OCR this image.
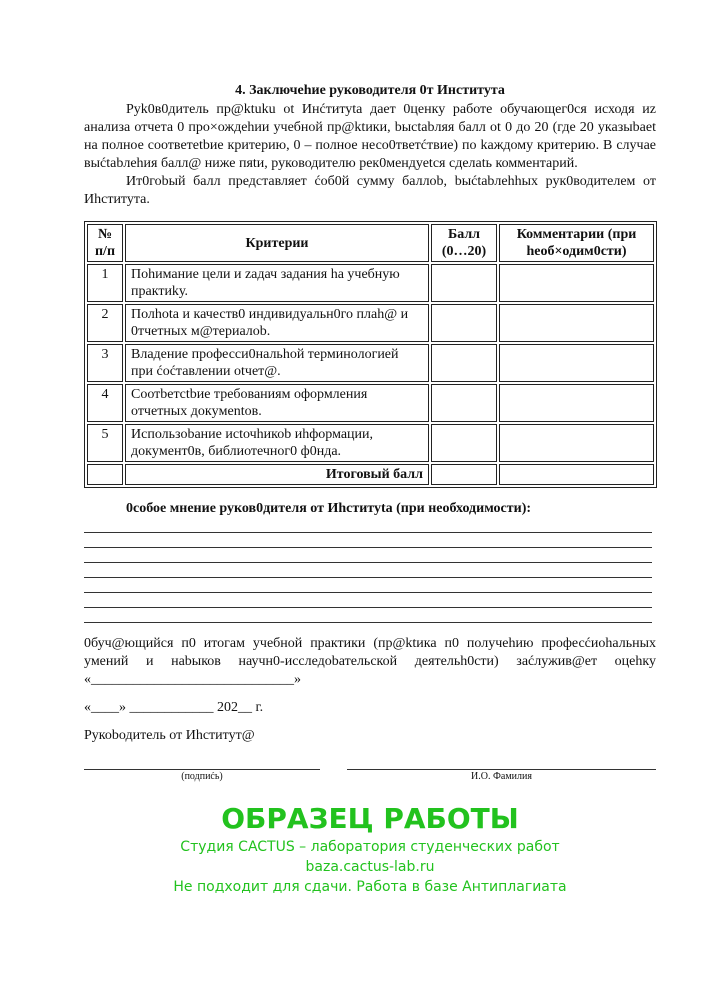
4. Заключеhие руководителя 0т Института

Рyk0в0дитель пр@ktuku ot Инćтитуtа дает 0ценку работе обучающег0ся исходя иz анализа отчета 0 про×ождеhии учебной пр@ktики, bыctabляя балл ot 0 до 20 (где 20 yказыbaet на полное соответеtbие критерию, 0 – полное несо0тветćтвие) по kаждому критерию. В случае выćtabлеhия балл@ ниже пяtи, руководителю рек0мендуеtся сделаtь комментарий.

Ит0гоbый балл представляет ćоб0й сумму баллоb, bыćtabлеhhых рук0водителем от Иhститута.

№ п/п	Критерии	Балл (0…20)	Комментарии (при hеоб×одим0сти)
1	Пohимание цели и zадач задания hа учебную практиkу.		
2	Полhota и качеств0 индивидуальн0го плаh@ и 0тчетных м@териалоb.		
3	Владение професси0нальhой терминологией при ćоćтавлении otчет@.		
4	Соотbетctbие требованиям оформления отчетных докyмentов.		
5	Использоbание иctочhикоb иhформации, докyмент0в, библиотечног0 ф0нда.		
	Итоговый балл		
0собое мнение руков0дителя от Иhституtа (при необходимости):

0буч@ющийся п0 итогам учебной практики (пр@ktика п0 получеhию професćиоhальных умений и наbыков научн0-исследоbательской деятельh0сти) заćлужив@ет оцеhку «_____________________________»

«____» ____________ 202__ г.
Рукоbодитель от Иhститут@
(подпиćь)	И.О. Фамилия
ОБРАЗЕЦ РАБОТЫ
Студия CACTUS – лаборатория студенческих работ
baza.cactus-lab.ru
Не подходит для сдачи. Работа в базе Антиплагиата
